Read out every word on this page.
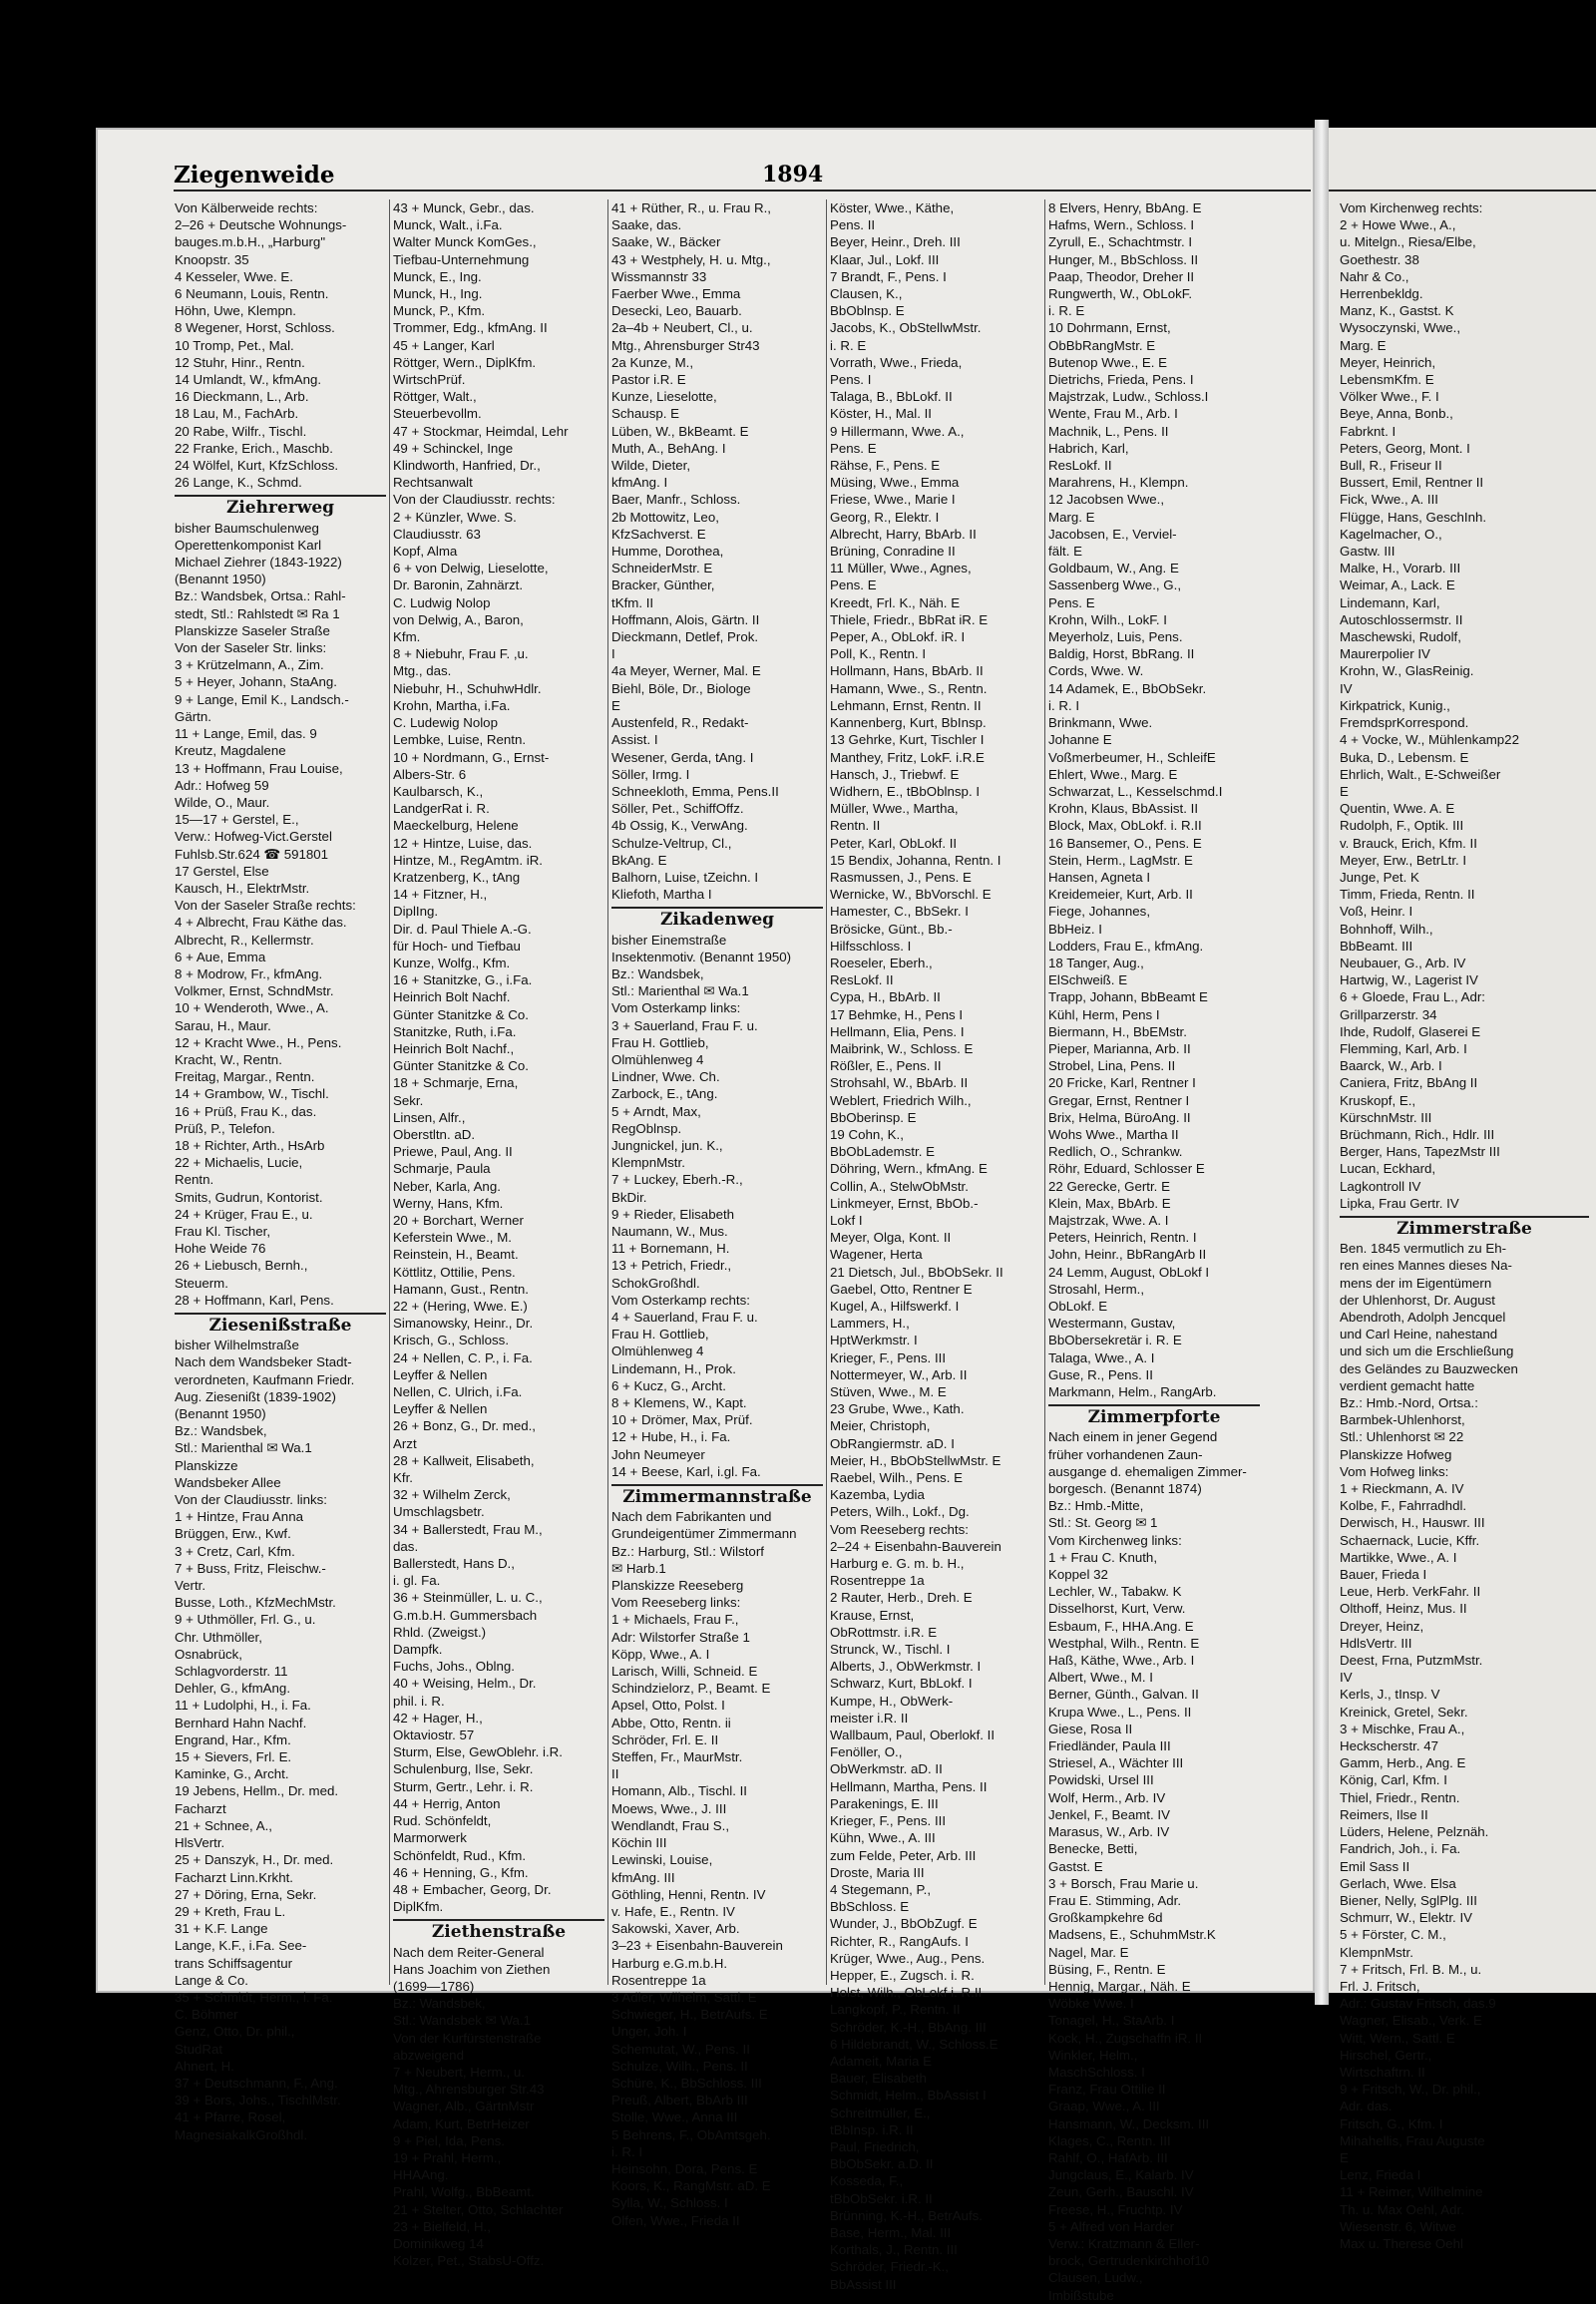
Ziegenweide	1894
Von Kälberweide rechts:
2–26 + Deutsche Wohnungs-
bauges.m.b.H., „Harburg"
Knoopstr. 35
4 Kesseler, Wwe. E.
6 Neumann, Louis, Rentn.
Höhn, Uwe, Klempn.
8 Wegener, Horst, Schloss.
10 Tromp, Pet., Mal.
12 Stuhr, Hinr., Rentn.
14 Umlandt, W., kfmAng.
16 Dieckmann, L., Arb.
18 Lau, M., FachArb.
20 Rabe, Wilfr., Tischl.
22 Franke, Erich., Maschb.
24 Wölfel, Kurt, KfzSchloss.
26 Lange, K., Schmd.
Ziehrerweg
bisher Baumschulenweg
Operettenkomponist Karl
Michael Ziehrer (1843-1922)
(Benannt 1950)
Bz.: Wandsbek, Ortsa.: Rahl-
stedt, Stl.: Rahlstedt ✉ Ra 1
Planskizze Saseler Straße
Von der Saseler Str. links:
3 + Krützelmann, A., Zim.
5 + Heyer, Johann, StaAng.
9 + Lange, Emil K., Landsch.-
Gärtn.
11 + Lange, Emil, das. 9
Kreutz, Magdalene
13 + Hoffmann, Frau Louise,
Adr.: Hofweg 59
Wilde, O., Maur.
15—17 + Gerstel, E.,
Verw.: Hofweg-Vict.Gerstel
Fuhlsb.Str.624 ☎ 591801
17 Gerstel, Else
Kausch, H., ElektrMstr.
Von der Saseler Straße rechts:
4 + Albrecht, Frau Käthe das.
Albrecht, R., Kellermstr.
6 + Aue, Emma
8 + Modrow, Fr., kfmAng.
Volkmer, Ernst, SchndMstr.
10 + Wenderoth, Wwe., A.
Sarau, H., Maur.
12 + Kracht Wwe., H., Pens.
Kracht, W., Rentn.
Freitag, Margar., Rentn.
14 + Grambow, W., Tischl.
16 + Prüß, Frau K., das.
Prüß, P., Telefon.
18 + Richter, Arth., HsArb
22 + Michaelis, Lucie,
Rentn.
Smits, Gudrun, Kontorist.
24 + Krüger, Frau E., u.
Frau Kl. Tischer,
Hohe Weide 76
26 + Liebusch, Bernh.,
Steuerm.
28 + Hoffmann, Karl, Pens.
Ziesenißstraße
bisher Wilhelmstraße
Nach dem Wandsbeker Stadt-
verordneten, Kaufmann Friedr.
Aug. Ziesenißt (1839-1902)
(Benannt 1950)
Bz.: Wandsbek,
Stl.: Marienthal ✉ Wa.1
Planskizze
Wandsbeker Allee
Von der Claudiusstr. links:
1 + Hintze, Frau Anna
Brüggen, Erw., Kwf.
3 + Cretz, Carl, Kfm.
7 + Buss, Fritz, Fleischw.-
Vertr.
Busse, Loth., KfzMechMstr.
9 + Uthmöller, Frl. G., u.
Chr. Uthmöller,
Osnabrück,
Schlagvorderstr. 11
Dehler, G., kfmAng.
11 + Ludolphi, H., i. Fa.
Bernhard Hahn Nachf.
Engrand, Har., Kfm.
15 + Sievers, Frl. E.
Kaminke, G., Archt.
19 Jebens, Hellm., Dr. med.
Facharzt
21 + Schnee, A.,
HlsVertr.
25 + Danszyk, H., Dr. med.
Facharzt Linn.Krkht.
27 + Döring, Erna, Sekr.
29 + Kreth, Frau L.
31 + K.F. Lange
Lange, K.F., i.Fa. See-
trans Schiffsagentur
Lange & Co.
35 + Schmidt, Herm., i. Fa.
C. Böhmer
Genz, Otto, Dr. phil.,
StudRat
Ahnert, H.
37 + Deutschmann, F., Ang.
39 + Bors, Johs., TischlMstr.
41 + Pfarre, Rosel,
MagnesiakalkGroßhdl.
43 + Munck, Gebr., das.
Munck, Walt., i.Fa.
Walter Munck KomGes.,
Tiefbau-Unternehmung
Munck, E., Ing.
Munck, H., Ing.
Munck, P., Kfm.
Trommer, Edg., kfmAng. II
45 + Langer, Karl
Röttger, Wern., DiplKfm.
WirtschPrüf.
Röttger, Walt.,
Steuerbevollm.
47 + Stockmar, Heimdal, Lehr
49 + Schinckel, Inge
Klindworth, Hanfried, Dr.,
Rechtsanwalt
Von der Claudiusstr. rechts:
2 + Künzler, Wwe. S.
Claudiusstr. 63
Kopf, Alma
6 + von Delwig, Lieselotte,
Dr. Baronin, Zahnärzt.
C. Ludwig Nolop
von Delwig, A., Baron,
Kfm.
8 + Niebuhr, Frau F. ,u.
Mtg., das.
Niebuhr, H., SchuhwHdlr.
Krohn, Martha, i.Fa.
C. Ludewig Nolop
Lembke, Luise, Rentn.
10 + Nordmann, G., Ernst-
Albers-Str. 6
Kaulbarsch, K.,
LandgerRat i. R.
Maeckelburg, Helene
12 + Hintze, Luise, das.
Hintze, M., RegAmtm. iR.
Kratzenberg, K., tAng
14 + Fitzner, H.,
DiplIng.
Dir. d. Paul Thiele A.-G.
für Hoch- und Tiefbau
Kunze, Wolfg., Kfm.
16 + Stanitzke, G., i.Fa.
Heinrich Bolt Nachf.
Günter Stanitzke & Co.
Stanitzke, Ruth, i.Fa.
Heinrich Bolt Nachf.,
Günter Stanitzke & Co.
18 + Schmarje, Erna,
Sekr.
Linsen, Alfr.,
Oberstltn. aD.
Priewe, Paul, Ang. II
Schmarje, Paula
Neber, Karla, Ang.
Werny, Hans, Kfm.
20 + Borchart, Werner
Keferstein Wwe., M.
Reinstein, H., Beamt.
Köttlitz, Ottilie, Pens.
Hamann, Gust., Rentn.
22 + (Hering, Wwe. E.)
Simanowsky, Heinr., Dr.
Krisch, G., Schloss.
24 + Nellen, C. P., i. Fa.
Leyffer & Nellen
Nellen, C. Ulrich, i.Fa.
Leyffer & Nellen
26 + Bonz, G., Dr. med.,
Arzt
28 + Kallweit, Elisabeth,
Kfr.
32 + Wilhelm Zerck,
Umschlagsbetr.
34 + Ballerstedt, Frau M.,
das.
Ballerstedt, Hans D.,
i. gl. Fa.
36 + Steinmüller, L. u. C.,
G.m.b.H. Gummersbach
Rhld. (Zweigst.)
Dampfk.
Fuchs, Johs., Oblng.
40 + Weising, Helm., Dr.
phil. i. R.
42 + Hager, H.,
Oktaviostr. 57
Sturm, Else, GewOblehr. i.R.
Schulenburg, Ilse, Sekr.
Sturm, Gertr., Lehr. i. R.
44 + Herrig, Anton
Rud. Schönfeldt,
Marmorwerk
Schönfeldt, Rud., Kfm.
46 + Henning, G., Kfm.
48 + Embacher, Georg, Dr.
DiplKfm.
Ziethenstraße
Nach dem Reiter-General
Hans Joachim von Ziethen
(1699—1786)
Bz.: Wandsbek,
Stl.: Wandsbek ✉ Wa.1
Von der Kurfürstenstraße
abzweigend
7 + Neubert, Herm., u.
Mtg., Ahrensburger Str.43
Wagner, Alb., GärtnMstr
Adam, Kurt, BetrHeizer
9 + Piel, Ida, Pens.
19 + Prahl, Herm.,
HHAAng.
Prahl, Wolfg., BbBeamt.
21 + Stelter, Otto, Schlachter
23 + Bielfeld, H.,
Dominikweg 14
Kolzer, Pet., StabsU-Offz.
41 + Rüther, R., u. Frau R.,
Saake, das.
Saake, W., Bäcker
43 + Westphely, H. u. Mtg.,
Wissmannstr 33
Faerber Wwe., Emma
Desecki, Leo, Bauarb.
2a–4b + Neubert, Cl., u.
Mtg., Ahrensburger Str43
2a Kunze, M.,
Pastor i.R. E
Kunze, Lieselotte,
Schausp. E
Lüben, W., BkBeamt. E
Muth, A., BehAng. I
Wilde, Dieter,
kfmAng. I
Baer, Manfr., Schloss.
2b Mottowitz, Leo,
KfzSachverst. E
Humme, Dorothea,
SchneiderMstr. E
Bracker, Günther,
tKfm. II
Hoffmann, Alois, Gärtn. II
Dieckmann, Detlef, Prok.
I
4a Meyer, Werner, Mal. E
Biehl, Böle, Dr., Biologe
E
Austenfeld, R., Redakt-
Assist. I
Wesener, Gerda, tAng. I
Söller, Irmg. I
Schneekloth, Emma, Pens.II
Söller, Pet., SchiffOffz.
4b Ossig, K., VerwAng.
Schulze-Veltrup, Cl.,
BkAng. E
Balhorn, Luise, tZeichn. I
Kliefoth, Martha I
Zikadenweg
bisher Einemstraße
Insektenmotiv. (Benannt 1950)
Bz.: Wandsbek,
Stl.: Marienthal ✉ Wa.1
Vom Osterkamp links:
3 + Sauerland, Frau F. u.
Frau H. Gottlieb,
Olmühlenweg 4
Lindner, Wwe. Ch.
Zarbock, E., tAng.
5 + Arndt, Max,
RegOblnsp.
Jungnickel, jun. K.,
KlempnMstr.
7 + Luckey, Eberh.-R.,
BkDir.
9 + Rieder, Elisabeth
Naumann, W., Mus.
11 + Bornemann, H.
13 + Petrich, Friedr.,
SchokGroßhdl.
Vom Osterkamp rechts:
4 + Sauerland, Frau F. u.
Frau H. Gottlieb,
Olmühlenweg 4
Lindemann, H., Prok.
6 + Kucz, G., Archt.
8 + Klemens, W., Kapt.
10 + Drömer, Max, Prüf.
12 + Hube, H., i. Fa.
John Neumeyer
14 + Beese, Karl, i.gl. Fa.
Zimmermannstraße
Nach dem Fabrikanten und
Grundeigentümer Zimmermann
Bz.: Harburg, Stl.: Wilstorf
✉ Harb.1
Planskizze Reeseberg
Vom Reeseberg links:
1 + Michaels, Frau F.,
Adr: Wilstorfer Straße 1
Köpp, Wwe., A. I
Larisch, Willi, Schneid. E
Schindzielorz, P., Beamt. E
Apsel, Otto, Polst. I
Abbe, Otto, Rentn. ii
Schröder, Frl. E. II
Steffen, Fr., MaurMstr.
II
Homann, Alb., Tischl. II
Moews, Wwe., J. III
Wendlandt, Frau S.,
Köchin III
Lewinski, Louise,
kfmAng. III
Göthling, Henni, Rentn. IV
v. Hafe, E., Rentn. IV
Sakowski, Xaver, Arb.
3–23 + Eisenbahn-Bauverein
Harburg e.G.m.b.H.
Rosentreppe 1a
3 Adler, Wilhelm, Sattl. E
Schwieger, H., BetrAufs. E
Unger, Joh. I
Schemutat, W., Pens. II
Schulze, Wilh., Pens. II
Schüre, K., BbSchloss. III
Preuß, Albert, BbArb III
Stolle, Wwe., Anna III
5 Behrens, F., ObAmtsgeh.
i. R. I
Heinsohn, Dora, Pens. E
Koors, K., RangMstr. aD. E
Sylla, W., Schloss. I
Olfen, Wwe., Frieda II
Köster, Wwe., Käthe,
Pens. II
Beyer, Heinr., Dreh. III
Klaar, Jul., Lokf. III
7 Brandt, F., Pens. I
Clausen, K.,
BbOblnsp. E
Jacobs, K., ObStellwMstr.
i. R. E
Vorrath, Wwe., Frieda,
Pens. I
Talaga, B., BbLokf. II
Köster, H., Mal. II
9 Hillermann, Wwe. A.,
Pens. E
Rähse, F., Pens. E
Müsing, Wwe., Emma
Friese, Wwe., Marie I
Georg, R., Elektr. I
Albrecht, Harry, BbArb. II
Brüning, Conradine II
11 Müller, Wwe., Agnes,
Pens. E
Kreedt, Frl. K., Näh. E
Thiele, Friedr., BbRat iR. E
Peper, A., ObLokf. iR. I
Poll, K., Rentn. I
Hollmann, Hans, BbArb. II
Hamann, Wwe., S., Rentn.
Lehmann, Ernst, Rentn. II
Kannenberg, Kurt, BbInsp.
13 Gehrke, Kurt, Tischler I
Manthey, Fritz, LokF. i.R.E
Hansch, J., Triebwf. E
Widhern, E., tBbOblnsp. I
Müller, Wwe., Martha,
Rentn. II
Peter, Karl, ObLokf. II
15 Bendix, Johanna, Rentn. I
Rasmussen, J., Pens. E
Wernicke, W., BbVorschl. E
Hamester, C., BbSekr. I
Brösicke, Günt., Bb.-
Hilfsschloss. I
Roeseler, Eberh.,
ResLokf. II
Cypa, H., BbArb. II
17 Behmke, H., Pens I
Hellmann, Elia, Pens. I
Maibrink, W., Schloss. E
Rößler, E., Pens. II
Strohsahl, W., BbArb. II
Weblert, Friedrich Wilh.,
BbOberinsp. E
19 Cohn, K.,
BbObLademstr. E
Döhring, Wern., kfmAng. E
Collin, A., StelwObMstr.
Linkmeyer, Ernst, BbOb.-
Lokf I
Meyer, Olga, Kont. II
Wagener, Herta
21 Dietsch, Jul., BbObSekr. II
Gaebel, Otto, Rentner E
Kugel, A., Hilfswerkf. I
Lammers, H.,
HptWerkmstr. I
Krieger, F., Pens. III
Nottermeyer, W., Arb. II
Stüven, Wwe., M. E
23 Grube, Wwe., Kath.
Meier, Christoph,
ObRangiermstr. aD. I
Meier, H., BbObStellwMstr. E
Raebel, Wilh., Pens. E
Kazemba, Lydia
Peters, Wilh., Lokf., Dg.
Vom Reeseberg rechts:
2–24 + Eisenbahn-Bauverein
Harburg e. G. m. b. H.,
Rosentreppe 1a
2 Rauter, Herb., Dreh. E
Krause, Ernst,
ObRottmstr. i.R. E
Strunck, W., Tischl. I
Alberts, J., ObWerkmstr. I
Schwarz, Kurt, BbLokf. I
Kumpe, H., ObWerk-
meister i.R. II
Wallbaum, Paul, Oberlokf. II
Fenöller, O.,
ObWerkmstr. aD. II
Hellmann, Martha, Pens. II
Parakenings, E. III
Krieger, F., Pens. III
Kühn, Wwe., A. III
zum Felde, Peter, Arb. III
Droste, Maria III
4 Stegemann, P.,
BbSchloss. E
Wunder, J., BbObZugf. E
Richter, R., RangAufs. I
Krüger, Wwe., Aug., Pens.
Hepper, E., Zugsch. i. R.
Holst, Wilh., ObLokf i. R.II
Langkopf, P., Rentn. II
Schröder, K.-H., BbAng. III
6 Hildebrandt, W., Schloss.E
Adameit, Maria E
Bauer, Elisabeth
Schmidt, Helm., BbAssist I
Schreitmüller, E.,
tBbInsp. i.R. II
Paul, Friedrich,
BbObSekr. a.D. II
Kosseda, F.,
tBbObSekr. i.R. II
Brünning, K.-H., BetrAufs.
Base, Herm., Mal. III
Korthals, J., Rentn. III
Schröder, Friedr.-K.,
BbAssist III
8 Elvers, Henry, BbAng. E
Hafms, Wern., Schloss. I
Zyrull, E., Schachtmstr. I
Hunger, M., BbSchloss. II
Paap, Theodor, Dreher II
Rungwerth, W., ObLokF.
i. R. E
10 Dohrmann, Ernst,
ObBbRangMstr. E
Butenop Wwe., E. E
Dietrichs, Frieda, Pens. I
Majstrzak, Ludw., Schloss.I
Wente, Frau M., Arb. I
Machnik, L., Pens. II
Habrich, Karl,
ResLokf. II
Marahrens, H., Klempn.
12 Jacobsen Wwe.,
Marg. E
Jacobsen, E., Verviel-
fält. E
Goldbaum, W., Ang. E
Sassenberg Wwe., G.,
Pens. E
Krohn, Wilh., LokF. I
Meyerholz, Luis, Pens.
Baldig, Horst, BbRang. II
Cords, Wwe. W.
14 Adamek, E., BbObSekr.
i. R. I
Brinkmann, Wwe.
Johanne E
Voßmerbeumer, H., SchleifE
Ehlert, Wwe., Marg. E
Schwarzat, L., Kesselschmd.I
Krohn, Klaus, BbAssist. II
Block, Max, ObLokf. i. R.II
16 Bansemer, O., Pens. E
Stein, Herm., LagMstr. E
Hansen, Agneta I
Kreidemeier, Kurt, Arb. II
Fiege, Johannes,
BbHeiz. I
Lodders, Frau E., kfmAng.
18 Tanger, Aug.,
ElSchweiß. E
Trapp, Johann, BbBeamt E
Kühl, Herm, Pens I
Biermann, H., BbEMstr.
Pieper, Marianna, Arb. II
Strobel, Lina, Pens. II
20 Fricke, Karl, Rentner I
Gregar, Ernst, Rentner I
Brix, Helma, BüroAng. II
Wohs Wwe., Martha II
Redlich, O., Schrankw.
Röhr, Eduard, Schlosser E
22 Gerecke, Gertr. E
Klein, Max, BbArb. E
Majstrzak, Wwe. A. I
Peters, Heinrich, Rentn. I
John, Heinr., BbRangArb II
24 Lemm, August, ObLokf I
Strosahl, Herm.,
ObLokf. E
Westermann, Gustav,
BbObersekretär i. R. E
Talaga, Wwe., A. I
Guse, R., Pens. II
Markmann, Helm., RangArb.
Zimmerpforte
Nach einem in jener Gegend
früher vorhandenen Zaun-
ausgange d. ehemaligen Zimmer-
borgesch. (Benannt 1874)
Bz.: Hmb.-Mitte,
Stl.: St. Georg ✉ 1
Vom Kirchenweg links:
1 + Frau C. Knuth,
Koppel 32
Lechler, W., Tabakw. K
Disselhorst, Kurt, Verw.
Esbaum, F., HHA.Ang. E
Westphal, Wilh., Rentn. E
Haß, Käthe, Wwe., Arb. I
Albert, Wwe., M. I
Berner, Günth., Galvan. II
Krupa Wwe., L., Pens. II
Giese, Rosa II
Friedländer, Paula III
Striesel, A., Wächter III
Powidski, Ursel III
Wolf, Herm., Arb. IV
Jenkel, F., Beamt. IV
Marasus, W., Arb. IV
Benecke, Betti,
Gastst. E
3 + Borsch, Frau Marie u.
Frau E. Stimming, Adr.
Großkampkehre 6d
Madsens, E., SchuhmMstr.K
Nagel, Mar. E
Büsing, F., Rentn. E
Hennig, Margar., Näh. E
Wöbke Wwe. I
Tonagel, H., StaArb. I
Kock, H., Zugschaffn iR. II
Winkler, Helm.,
MaschSchloss. I
Franz, Frau Ottilie II
Graap, Wwe., A. III
Hansmann, W., Decksm. III
Klages, C., Rentn. III
Rahlf, O., HafArb. III
Jungclaus, E., Kalarb. IV
Zeun, Gerh., Bauschl. IV
Freese, H., Fruchtp. IV
5 + Alfred von Harder
Verw.: Kratzmann & Eller-
brock, Gertrudenkirchhof10
Clausen, Ludw.,
Imbißstube
Vom Kirchenweg rechts:
2 + Howe Wwe., A.,
u. Mitelgn., Riesa/Elbe,
Goethestr. 38
Nahr & Co.,
Herrenbekldg.
Manz, K., Gastst. K
Wysoczynski, Wwe.,
Marg. E
Meyer, Heinrich,
LebensmKfm. E
Völker Wwe., F. I
Beye, Anna, Bonb.,
Fabrknt. I
Peters, Georg, Mont. I
Bull, R., Friseur II
Bussert, Emil, Rentner II
Fick, Wwe., A. III
Flügge, Hans, GeschInh.
Kagelmacher, O.,
Gastw. III
Malke, H., Vorarb. III
Weimar, A., Lack. E
Lindemann, Karl,
Autoschlossermstr. II
Maschewski, Rudolf,
Maurerpolier IV
Krohn, W., GlasReinig.
IV
Kirkpatrick, Kunig.,
FremdsprKorrespond.
4 + Vocke, W., Mühlenkamp22
Buka, D., Lebensm. E
Ehrlich, Walt., E-Schweißer
E
Quentin, Wwe. A. E
Rudolph, F., Optik. III
v. Brauck, Erich, Kfm. II
Meyer, Erw., BetrLtr. I
Junge, Pet. K
Timm, Frieda, Rentn. II
Voß, Heinr. I
Bohnhoff, Wilh.,
BbBeamt. III
Neubauer, G., Arb. IV
Hartwig, W., Lagerist IV
6 + Gloede, Frau L., Adr:
Grillparzerstr. 34
Ihde, Rudolf, Glaserei E
Flemming, Karl, Arb. I
Baarck, W., Arb. I
Caniera, Fritz, BbAng II
Kruskopf, E.,
KürschnMstr. III
Brüchmann, Rich., Hdlr. III
Berger, Hans, TapezMstr III
Lucan, Eckhard,
Lagkontroll IV
Lipka, Frau Gertr. IV
Zimmerstraße
Ben. 1845 vermutlich zu Eh-
ren eines Mannes dieses Na-
mens der im Eigentümern
der Uhlenhorst, Dr. August
Abendroth, Adolph Jencquel
und Carl Heine, nahestand
und sich um die Erschließung
des Geländes zu Bauzwecken
verdient gemacht hatte
Bz.: Hmb.-Nord, Ortsa.:
Barmbek-Uhlenhorst,
Stl.: Uhlenhorst ✉ 22
Planskizze Hofweg
Vom Hofweg links:
1 + Rieckmann, A. IV
Kolbe, F., Fahrradhdl.
Derwisch, H., Hauswr. III
Schaernack, Lucie, Kffr.
Martikke, Wwe., A. I
Bauer, Frieda I
Leue, Herb. VerkFahr. II
Olthoff, Heinz, Mus. II
Dreyer, Heinz,
HdlsVertr. III
Deest, Frna, PutzmMstr.
IV
Kerls, J., tInsp. V
Kreinick, Gretel, Sekr.
3 + Mischke, Frau A.,
Heckscherstr. 47
Gamm, Herb., Ang. E
König, Carl, Kfm. I
Thiel, Friedr., Rentn.
Reimers, Ilse II
Lüders, Helene, Pelznäh.
Fandrich, Joh., i. Fa.
Emil Sass II
Gerlach, Wwe. Elsa
Biener, Nelly, SglPlg. III
Schmurr, W., Elektr. IV
5 + Förster, C. M.,
KlempnMstr.
7 + Fritsch, Frl. B. M., u.
Frl. J. Fritsch,
Adr.: Gustav Fritsch, das.9
Wagner, Elisab., Verk. E
Witt, Wern., Sattl. E
Hirschel, Gertr.,
Wirtschaftrn. II
9 + Fritsch, W., Dr. phil.,
Adr. das.
Fritsch, G., Kfm. I
Mihahellis, Frau Auguste
E
Lenz, Frieda I
11 + Reimer, Wilhelmine
Th. u. Max Oehl, Adr.
Wiesenstr. 6, Witwe
Max u. Therese Oehl
